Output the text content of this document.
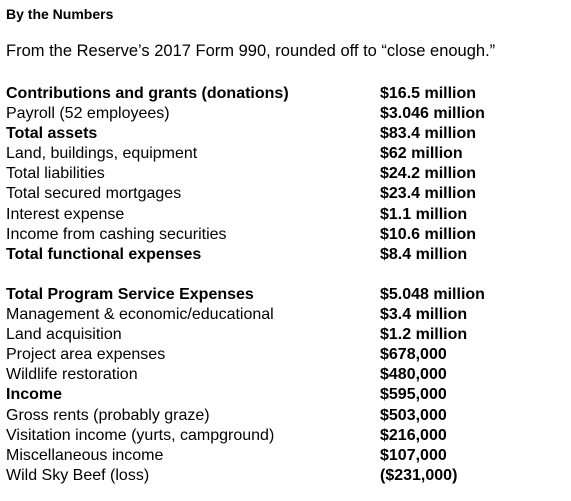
By the Numbers
From the Reserve’s 2017 Form 990, rounded off to “close enough.”
Contributions and grants (donations)	$16.5 million
Payroll (52 employees)	$3.046 million
Total assets	$83.4 million
Land, buildings, equipment	$62 million
Total liabilities	$24.2 million
Total secured mortgages	$23.4 million
Interest expense	$1.1 million
Income from cashing securities	$10.6 million
Total functional expenses	$8.4 million
Total Program Service Expenses	$5.048 million
Management & economic/educational	$3.4 million
Land acquisition	$1.2 million
Project area expenses	$678,000
Wildlife restoration	$480,000
Income	$595,000
Gross rents (probably graze)	$503,000
Visitation income (yurts, campground)	$216,000
Miscellaneous income	$107,000
Wild Sky Beef (loss)	($231,000)
